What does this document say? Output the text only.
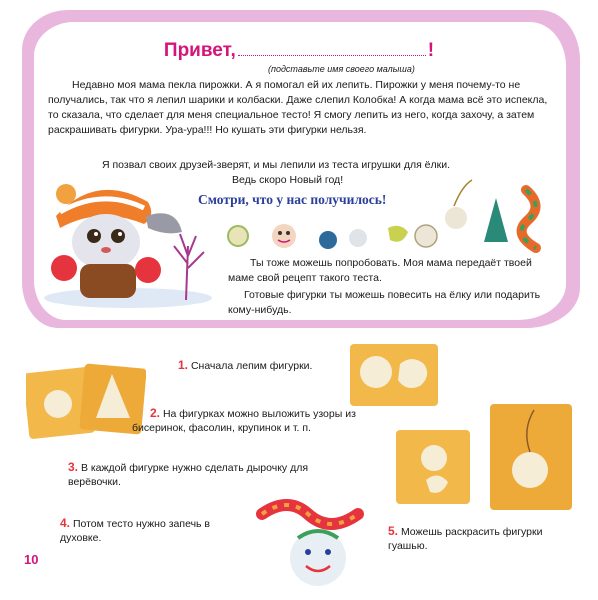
Привет,	!
(подставьте имя своего малыша)

Недавно моя мама пекла пирожки. А я помогал ей их лепить. Пирожки у меня почему-то не получались, так что я лепил шарики и колбаски. Даже слепил Колобка! А когда мама всё это испекла, то сказала, что сделает для меня специальное тесто! Я смогу лепить из него, когда захочу, а затем раскрашивать фигурки. Ура-ура!!! Но кушать эти фигурки нельзя.

Я позвал своих друзей-зверят, и мы лепили из теста игрушки для ёлки.

Ведь скоро Новый год!

Смотри, что у нас получилось!

Ты тоже можешь попробовать. Моя мама передаёт твоей маме свой рецепт такого теста.

Готовые фигурки ты можешь повесить на ёлку или подарить кому-нибудь.

1. Сначала лепим фигурки.

2. На фигурках можно выложить узоры из бисеринок, фасолин, крупинок и т. п.

3. В каждой фигурке нужно сделать дырочку для верёвочки.

4. Потом тесто нужно запечь в духовке.	5. Можешь раскрасить фигурки гуашью.

10
